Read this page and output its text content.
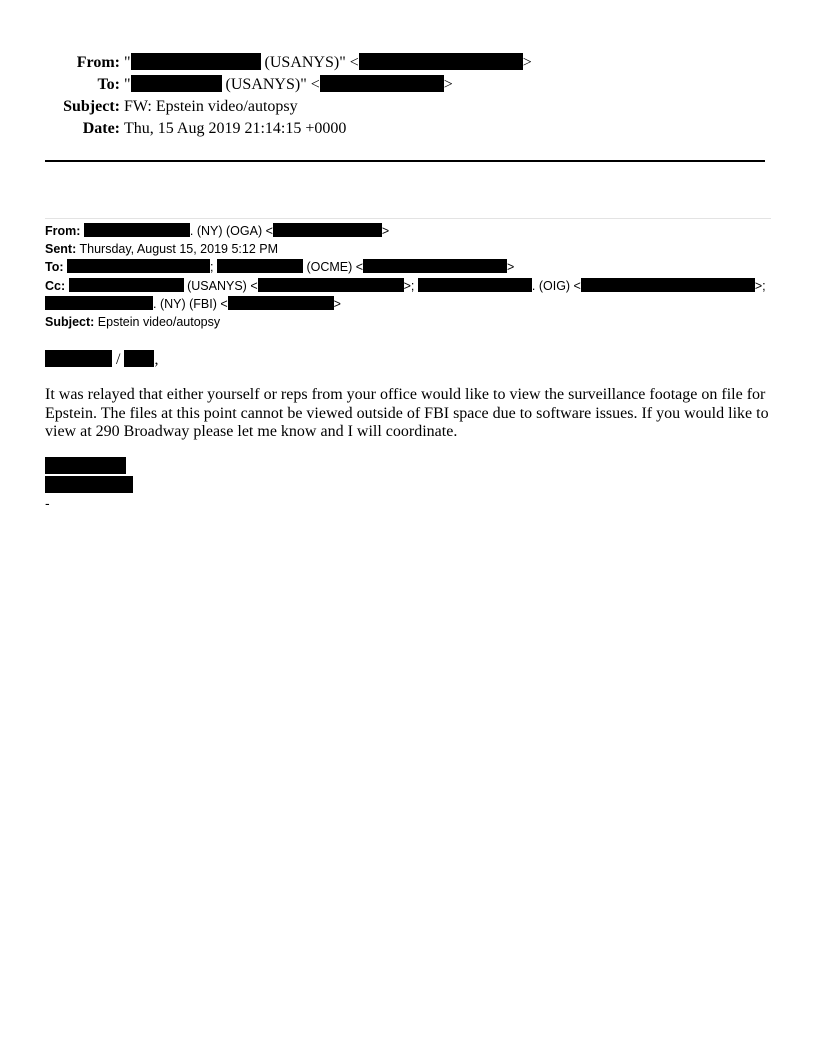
From: "	(USANYS)" <	>
To: "	(USANYS)" <	>
Subject: FW: Epstein video/autopsy
Date: Thu, 15 Aug 2019 21:14:15 +0000
From:	. (NY) (OGA) <	>
Sent: Thursday, August 15, 2019 5:12 PM
To:	;	(OCME) <	>
Cc:	(USANYS) <	>;	. (OIG) <	>;
. (NY) (FBI) <	>
Subject: Epstein video/autopsy
/ ,
It was relayed that either yourself or reps from your office would like to view the surveillance footage on file for Epstein. The files at this point cannot be viewed outside of FBI space due to software issues. If you would like to view at 290 Broadway please let me know and I will coordinate.
-
